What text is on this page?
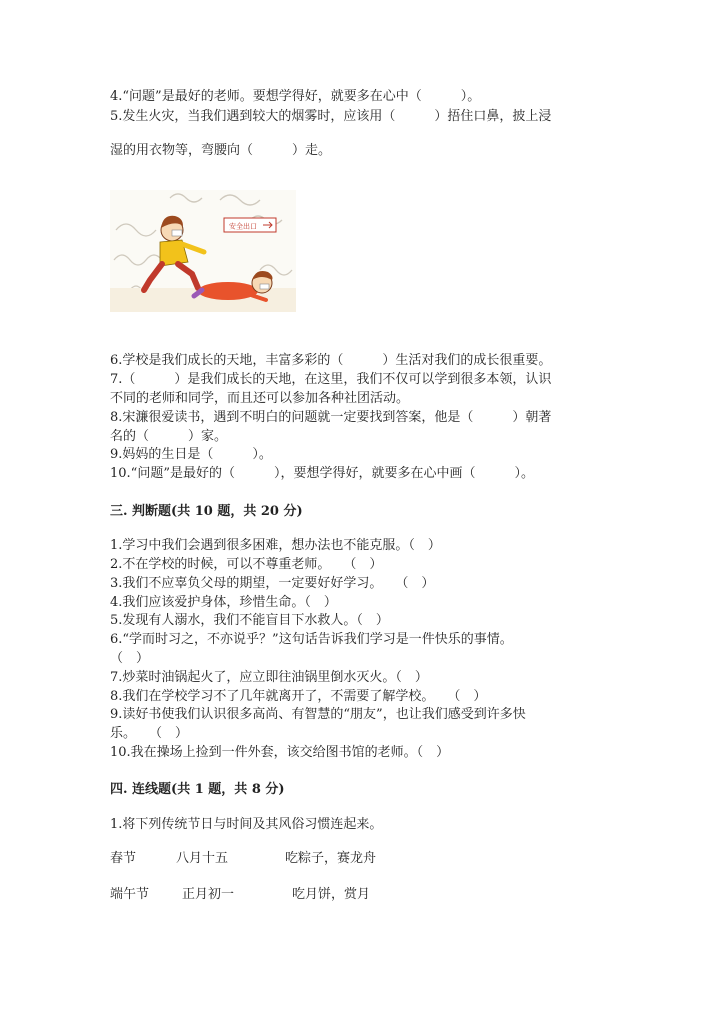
4.“问题”是最好的老师。要想学得好，就要多在心中（　　　）。
5.发生火灾，当我们遇到较大的烟雾时，应该用（　　　）捂住口鼻，披上浸
湿的用衣物等，弯腰向（　　　）走。
安全出口
6.学校是我们成长的天地，丰富多彩的（　　　）生活对我们的成长很重要。
7.（　　　）是我们成长的天地，在这里，我们不仅可以学到很多本领，认识
不同的老师和同学，而且还可以参加各种社团活动。
8.宋濂很爱读书，遇到不明白的问题就一定要找到答案，他是（　　　）朝著
名的（　　　）家。
9.妈妈的生日是（　　　）。
10.“问题”是最好的（　　　），要想学得好，就要多在心中画（　　　）。
三. 判断题(共 10 题，共 20 分)
1.学习中我们会遇到很多困难，想办法也不能克服。（　）
2.不在学校的时候，可以不尊重老师。　　（　）
3.我们不应辜负父母的期望，一定要好好学习。　　（　）
4.我们应该爱护身体，珍惜生命。（　）
5.发现有人溺水，我们不能盲目下水救人。（　）
6.“学而时习之，不亦说乎？”这句话告诉我们学习是一件快乐的事情。
（　）
7.炒菜时油锅起火了，应立即往油锅里倒水灭火。（　）
8.我们在学校学习不了几年就离开了，不需要了解学校。　　（　）
9.读好书使我们认识很多高尚、有智慧的“朋友”，也让我们感受到许多快
乐。　　（　）
10.我在操场上捡到一件外套，该交给图书馆的老师。（　）
四. 连线题(共 1 题，共 8 分)
1.将下列传统节日与时间及其风俗习惯连起来。
春节	八月十五	吃粽子，赛龙舟
端午节	正月初一	吃月饼，赏月
